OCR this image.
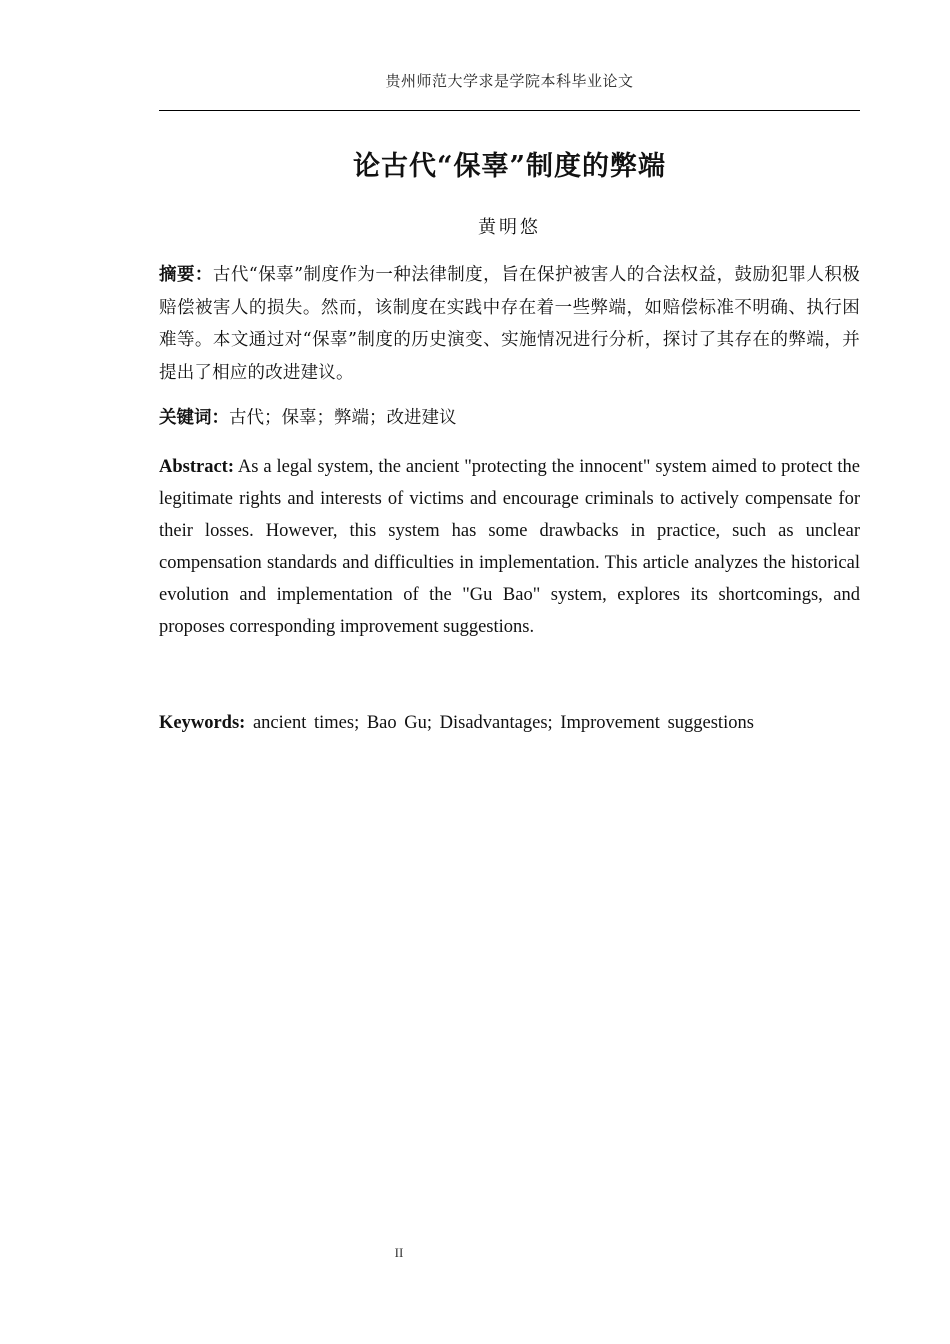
贵州师范大学求是学院本科毕业论文
论古代“保辜”制度的弊端
黄明悠
摘要：古代“保辜”制度作为一种法律制度，旨在保护被害人的合法权益，鼓励犯罪人积极赔偿被害人的损失。然而，该制度在实践中存在着一些弊端，如赔偿标准不明确、执行困难等。本文通过对“保辜”制度的历史演变、实施情况进行分析，探讨了其存在的弊端，并提出了相应的改进建议。
关键词：古代；保辜；弊端；改进建议
Abstract: As a legal system, the ancient "protecting the innocent" system aimed to protect the legitimate rights and interests of victims and encourage criminals to actively compensate for their losses. However, this system has some drawbacks in practice, such as unclear compensation standards and difficulties in implementation. This article analyzes the historical evolution and implementation of the "Gu Bao" system, explores its shortcomings, and proposes corresponding improvement suggestions.
Keywords: ancient times; Bao Gu; Disadvantages; Improvement suggestions
II
